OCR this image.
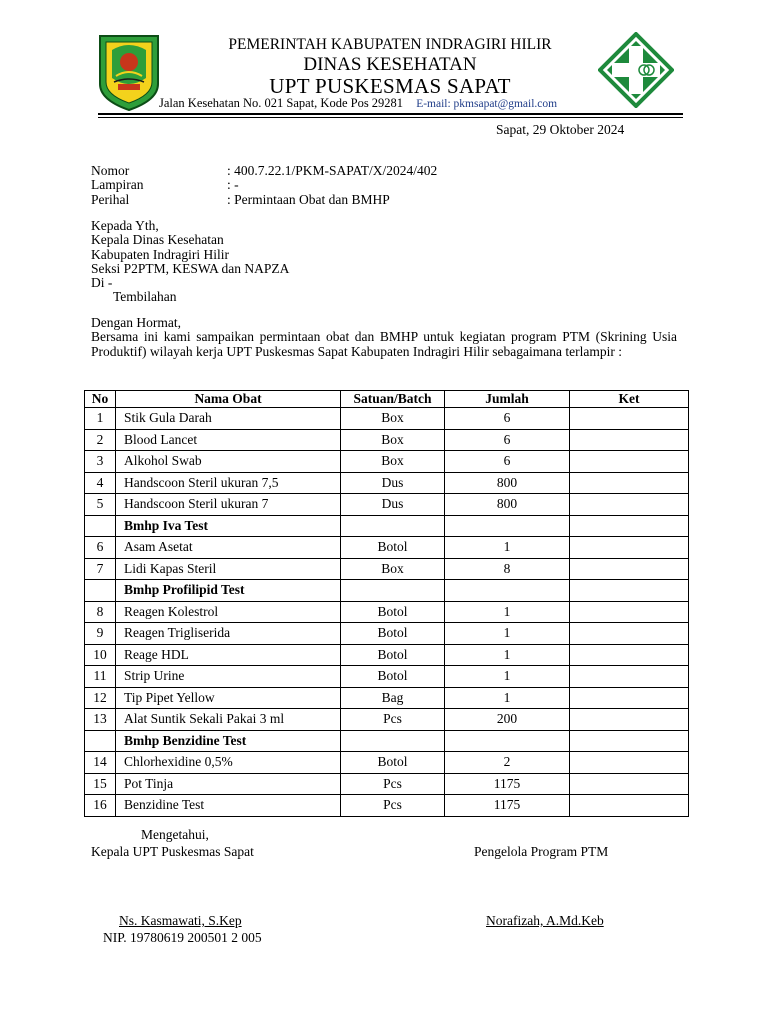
PEMERINTAH KABUPATEN INDRAGIRI HILIR
DINAS KESEHATAN
UPT PUSKESMAS SAPAT
Jalan Kesehatan No. 021 Sapat, Kode Pos 29281 E-mail: pkmsapat@gmail.com
Sapat, 29 Oktober 2024
Nomor	: 400.7.22.1/PKM-SAPAT/X/2024/402
Lampiran	: -
Perihal	: Permintaan Obat dan BMHP
Kepada Yth,
Kepala Dinas Kesehatan
Kabupaten Indragiri Hilir
Seksi P2PTM, KESWA dan NAPZA
Di -
Tembilahan
Dengan Hormat,
Bersama ini kami sampaikan permintaan obat dan BMHP untuk kegiatan program PTM (Skrining Usia Produktif) wilayah kerja UPT Puskesmas Sapat Kabupaten Indragiri Hilir sebagaimana terlampir :
No	Nama Obat	Satuan/Batch	Jumlah	Ket
1	Stik Gula Darah	Box	6	
2	Blood Lancet	Box	6	
3	Alkohol Swab	Box	6	
4	Handscoon Steril ukuran 7,5	Dus	800	
5	Handscoon Steril ukuran 7	Dus	800	
	Bmhp Iva Test			
6	Asam Asetat	Botol	1	
7	Lidi Kapas Steril	Box	8	
	Bmhp Profilipid Test			
8	Reagen Kolestrol	Botol	1	
9	Reagen Trigliserida	Botol	1	
10	Reage HDL	Botol	1	
11	Strip Urine	Botol	1	
12	Tip Pipet Yellow	Bag	1	
13	Alat Suntik Sekali Pakai 3 ml	Pcs	200	
	Bmhp Benzidine Test			
14	Chlorhexidine 0,5%	Botol	2	
15	Pot Tinja	Pcs	1175	
16	Benzidine Test	Pcs	1175	
Mengetahui,
Kepala UPT Puskesmas Sapat	Pengelola Program PTM
Ns. Kasmawati, S.Kep
NIP. 19780619 200501 2 005
Norafizah, A.Md.Keb
